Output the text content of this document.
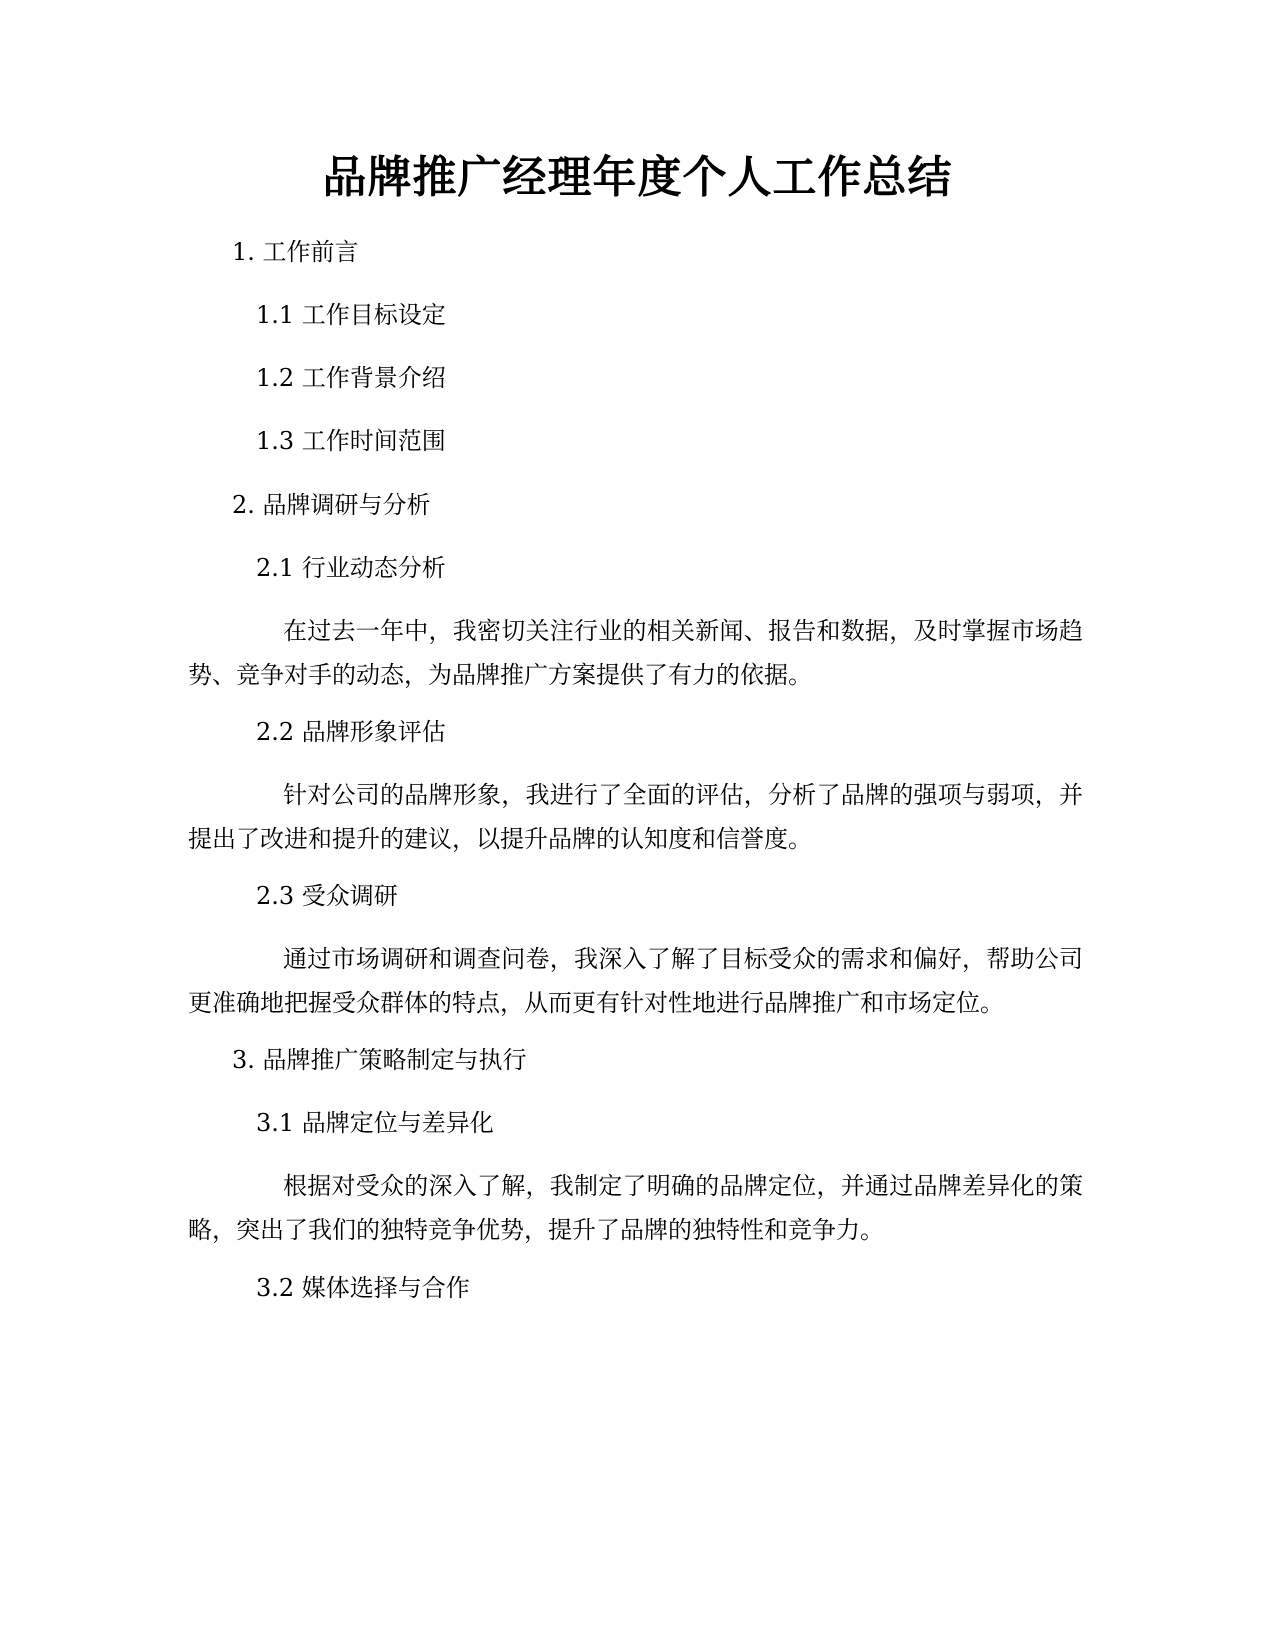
品牌推广经理年度个人工作总结
1. 工作前言
1.1 工作目标设定
1.2 工作背景介绍
1.3 工作时间范围
2. 品牌调研与分析
2.1 行业动态分析
在过去一年中，我密切关注行业的相关新闻、报告和数据，及时掌握市场趋势、竞争对手的动态，为品牌推广方案提供了有力的依据。
2.2 品牌形象评估
针对公司的品牌形象，我进行了全面的评估，分析了品牌的强项与弱项，并提出了改进和提升的建议，以提升品牌的认知度和信誉度。
2.3 受众调研
通过市场调研和调查问卷，我深入了解了目标受众的需求和偏好，帮助公司更准确地把握受众群体的特点，从而更有针对性地进行品牌推广和市场定位。
3. 品牌推广策略制定与执行
3.1 品牌定位与差异化
根据对受众的深入了解，我制定了明确的品牌定位，并通过品牌差异化的策略，突出了我们的独特竞争优势，提升了品牌的独特性和竞争力。
3.2 媒体选择与合作
